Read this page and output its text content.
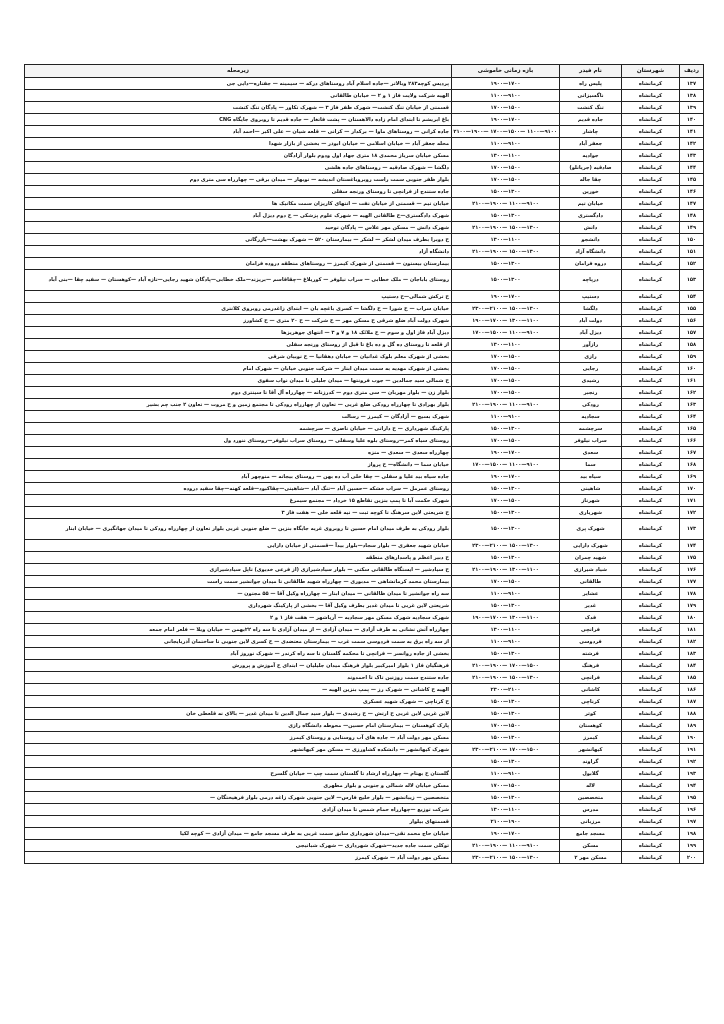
ردیف	شهرستان	نام فیدر	بازه زمانی خاموشی	زیرمحله
۱۳۷	کرمانشاه	پلیس راه	۱۷۰۰—۱۹۰۰	پردیس کوچه۲۸۳ وبالاتر —جاده اسلام آباد روستاهای درکه — سیمینه — جفتاره—دایی جی
۱۳۸	کرمانشاه	ناگسیزانی	۹۱۰۰—۱۱۰۰	الهیه شرکت ولایت فاز ۱ و ۲ — خیابان طالقانی
۱۳۹	کرمانشاه	تنگ کنشت	۱۵۰۰—۱۷۰۰	قسمتی از خیابان تنگ کنشت— شهرک ظفر فاز ۳ — شهرک تکاور — پادگان تنگ کنشت
۱۴۰	کرمانشاه	جاده قدیم	۱۷۰۰—۱۹۰۰	باغ ابریشم تا ابتدای امام زاده دالاهستان — پشت فاتغار — جاده قدیم تا روبروی جایگاه CNG
۱۴۱	کرمانشاه	چاشار	۹۱۰۰—۱۱۰۰ —۱۵۰۰—۱۷۰۰ —۱۹۰۰—۲۱۰۰	جاده کرانی — روستاهای ماوا — برکدار — کرانی — قلعه شیان — علی اکبر —احمد آباد
۱۴۲	کرمانشاه	جعفر آباد	۹۱۰۰—۱۱۰۰	محله جعفر آباد — خیابان اسلامی — خیابان ابوذر — بخشی از بازار شهدا
۱۴۳	کرمانشاه	جوادیه	۱۱۰۰—۱۳۰۰	مسکن خیابان سرباز محمدی ۱۸ متری جهاد اول ودوم بلوار آزادگان
۱۴۴	کرمانشاه	صادقیه (جریانلو)	۱۵۰۰—۱۷۰۰	دلگشا — شهرک صادقیه — روستاهای جاده هلشی
۱۴۵	کرمانشاه	چقا جاله	۱۵۰۰—۱۷۰۰	بلوار ظفر جنوبی سمت راست روبروباغستان اندیشه — نوبهار — میدان برقی — چهارراه سی متری دوم
۱۴۶	کرمانشاه	خورین	۱۳۰۰—۱۵۰۰	جاده ستندج از فرانچی تا روستای ورنجه سفلی
۱۴۷	کرمانشاه	خیابان تیم	۹۱۰۰—۱۱۰۰ —۱۹۰۰—۲۱۰۰	خیابان تیم — قسمتی از خیابان نفت — انتهای کاریزان سمت مکانیک ها
۱۴۸	کرمانشاه	دادگستری	۱۳۰۰—۱۵۰۰	شهرک دادگستری—خ طالقانی الهیه — شهرک علوم پزشکی — خ دوم دیزل آباد
۱۴۹	کرمانشاه	دانش	۱۳۰۰—۱۵۰۰ —۱۹۰۰—۲۱۰۰	شهرک دانش — مسکن مهر علاس — پادگان توحید
۱۵۰	کرمانشاه	دانشجو	۱۱۰۰—۱۳۰۰	خ دوبرا بطرف میدان لشکر — لشکر — بیمارستان ۵۲۰ — شهرک بهشت—بازرگانی
۱۵۱	کرمانشاه	دانشگاه آزاد	۱۳۰۰—۱۵۰۰ —۱۹۰۰—۲۱۰۰	دانشگاه آزاد
۱۵۲	کرمانشاه	دروه فرامان	۱۳۰۰—۱۵۰۰	بیمارستان بیستون — قسمتی از شهرک کیمرز — روستاهای منطقه دروده فرامان
۱۵۳	کرمانشاه	درپاچه	۱۳۰۰—۱۵۰۰	روستای باباجان — ملک خطابی — سراب نیلوفر — کوریلاغ —چقاقاسم —بریزند—ملک خطابی—پادگان شهید رجایی—تازه آباد —کوهستان — سفید چقا —بنی آباد
۱۵۴	کرمانشاه	دستیپ	۱۷۰۰—۱۹۰۰	خ ترکش شمالی—خ دستیپ
۱۵۵	کرمانشاه	دلگشا	۱۳۰۰—۱۵۰۰ —۲۱۰۰—۲۳۰۰	خیابان سراب — خ شورا — خ دلگشا — کسری باغچه بان — ابتدای زاغدرمی روبروی کلانتری
۱۵۶	کرمانشاه	دولت آباد	۱۱۰۰—۱۳۰۰ —۱۷۰۰—۱۹۰۰	شهرک دولت آباد ضلع شرقی خ مسکن مهر — خ شرکت — خ ۲۰ متری — خ کشاورز
۱۵۷	کرمانشاه	دیزل آباد	۹۱۰۰—۱۱۰۰ —۱۵۰۰—۱۷۰۰	دیزل آباد فاز اول و سوم — خ ملائک ۱۸ و ۷ و ۳ — انتهای جوهریزها
۱۵۸	کرمانشاه	رازآور	۱۱۰۰—۱۳۰۰	از قلعه تا روستای ده گل و ده باغ تا قبل از روستای ورنجه سفلی
۱۵۹	کرمانشاه	رازی	۱۵۰۰—۱۷۰۰	بخشی از شهرک معلم بلوک غدانیان — خیابان دهقانیا — خ نوبیان شرقی
۱۶۰	کرمانشاه	رجایی	۱۵۰۰—۱۷۰۰	بخشی از شهرک مهدیه به سمت میدان ابنار — شرکت جنوبی خیابان — شهرک امام
۱۶۱	کرمانشاه	رشیدی	۱۵۰۰—۱۷۰۰	خ شمالی سید جمالدین — جوب فرونتها — میدان جلیلی تا میدان نواب سفوی
۱۶۲	کرمانشاه	رنجبر	۱۵۰۰—۱۷۰۰	بلوار زن — بلوار مهربان — سی متری دوم — کدرزنانه — چهارراه آل آقا تا سینتری دوم
۱۶۳	کرمانشاه	رودکی	۹۱۰۰—۱۱۰۰ —۱۹۰۰—۲۱۰۰	بلوار بهرادی تا چهارراه رودکی ضلع غربی — تعاون از چهارراه رودکی تا مجتمع زمین و خ مروت — تعاون ۲ جنب چم بشیر
۱۶۴	کرمانشاه	سجادیه	۹۱۰۰—۱۱۰۰	شهرک بسیج — آزادگان — کیمرز — رسالت
۱۶۵	کرمانشاه	سرچشمه	۱۳۰۰—۱۵۰۰	پارکینگ شهرداری — خ داراتی — خیابان ناصری — سرچشمه
۱۶۶	کرمانشاه	سراب نیلوفر	۱۵۰۰—۱۷۰۰	روستای سیاه کمر—روستای بلوه علیا وسفلی — روستای سراب نیلوفر—روستای ننورد ول
۱۶۷	کرمانشاه	سعدی	۱۷۰۰—۱۹۰۰	چهارراه سعدی — سعدی — منزه
۱۶۸	کرمانشاه	سما	۹۱۰۰—۱۱۰۰ —۱۵۰۰—۱۷۰۰	خیابان سما — دانشگاه— خ پرواز
۱۶۹	کرمانشاه	سیاه بید	۱۷۰۰—۱۹۰۰	جاده سیاه بید علیا و سفلی — چقا خلی آب ده بهن — روستای بیجانه — منوچهر آباد
۱۷۰	کرمانشاه	شاهینی	۱۳۰۰—۱۵۰۰	روستای عمرمل — سراب خشکه —حسین آباد —تنگ آباد —شاهینی—چقاکبود—قلعه کهنه—چقا سفید دروده
۱۷۱	کرمانشاه	شهرناز	۱۵۰۰—۱۷۰۰	شهرک حکمت آبا تا پمپ بنزین تقاطع ۱۵ خرداد — مجتمع سیمرغ
۱۷۲	کرمانشاه	شهریاری	۱۳۰۰—۱۵۰۰	خ شریعتی لاین سرهنگ تا کوچه ثبت — نیه قلعه خلی — هفت فاز ۳
۱۷۳	کرمانشاه	شهرک پری	۱۳۰۰—۱۵۰۰	بلوار رودکی به طرف میدان امام حسین تا روبروی غربه جایگاه بنزین — ضلع جنوبی غربی بلوار تعاون از چهارراه رودکی تا میدان جهانگیری — خیابان ابنار
۱۷۴	کرمانشاه	شهرک دارایی	۱۳۰۰—۱۵۰۰ —۲۱۰۰—۲۳۰۰	خیابان شهید جعفری — بلوار سجاد—بلوار بیدآ —قسمتی از خیابان دارایی
۱۷۵	کرمانشاه	شهید چمران	۱۳۰۰—۱۵۰۰	خ دبیر اعظم و پاسدارهای منطقه
۱۷۶	کرمانشاه	شیاد شیرازی	۱۱۰۰—۱۳۰۰ —۱۹۰۰—۲۱۰۰	خ سیادشیر — ایستگاه طالقانی سکنی — بلوار سیادشیرازی (از فرعی خدیوی) تاپل سیادشیرازی
۱۷۷	کرمانشاه	طالقانی	۱۵۰۰—۱۷۰۰	بیمارستان محمد کرمانشاهی — مدبوری — چهارراه شهید طالقانی تا میدان جوانشیر سمت راست
۱۷۸	کرمانشاه	عشایر	۹۱۰۰—۱۱۰۰	سه راه جوانشیر تا میدان ظالقانی — میدان ابنار — چهارراه وکیل آقا — ۵۵ مجتون —
۱۷۹	کرمانشاه	غدیر	۱۳۰۰—۱۵۰۰	شریعتی لاین غربی تا میدان غدیر بطرف وکیل آقا — بخشی از پارکینگ شهرداری
۱۸۰	کرمانشاه	فدک	۱۱۰۰—۱۳۰۰ —۱۷۰۰—۱۹۰۰	شهرک سجادیه شهرک مسکن مهر سجادیه — آریاشهر — هفت فاز ۱ و ۲
۱۸۱	کرمانشاه	فرانچی	۱۱۰۰—۱۳۰۰	چهارراه آتش نشانی به طرف آزادی — میدان آزادی — از میدان آزادی تا سه راه ۲۲بهمن — خیابان ویلا — فلعر امام جمعه
۱۸۲	کرمانشاه	فردوسی	۹۱۰۰—۱۱۰۰	از سه راه برق به سمت فردوسی سمت غرب — بیمارستان معتضدی — خ کسری لاین جنوبی تا ساختمان آذربایجانی
۱۸۳	کرمانشاه	فرشته	۱۳۰۰—۱۵۰۰	بخشی از جاده روانسر — فرانچی تا محکمه گلستان تا سه راه کرندر — شهرک نوروز آباد
۱۸۴	کرمانشاه	فرهنگ	۱۵۰۰—۱۷۰۰ —۱۹۰۰—۲۱۰۰	فرهنگیان فاز ۱ بلوار امیرکبیر بلوار فرهنگ میدان جلیلیان — ابتدای خ آموزش و پرورش
۱۸۵	کرمانشاه	فرانچی	۱۳۰۰—۱۵۰۰ —۱۹۰۰—۲۱۰۰	جاده ستندج سمت روزنین تاک تا احمدوند
۱۸۶	کرمانشاه	کاشانی	۲۱۰۰—۲۳۰۰	الهیه خ کاشانی — شهرک رز — پمپ بنزین الهیه —
۱۸۷	کرمانشاه	کرناچی	۱۳۰۰—۱۵۰۰	خ کرناچی — شهرک شهید عسکری
۱۸۸	کرمانشاه	کوثر	۱۳۰۰—۱۵۰۰	لاین غربی لاین غربی خ ارتش — خ رشیدی — بلوار سید جمال الدین تا میدان غدیر — بالای نه قلعطی خان
۱۸۹	کرمانشاه	کوهستان	۱۵۰۰—۱۷۰۰	پارک کوهستان — بیمارستان امام حسین— محوطه دانشگاه رازی
۱۹۰	کرمانشاه	کیمرز	۱۳۰۰—۱۵۰۰	مسکن مهر دولت آباد — جاده های آب روستایی و روستای کیمرز
۱۹۱	کرمانشاه	کیهانشهر	۱۵۰۰—۱۷۰۰ —۲۱۰۰—۲۳۰۰	شهرک کیهانشهر — دانشکده کشاورزی — مسکن مهر کیهانشهر
۱۹۲	کرمانشاه	گراوند	۱۳۰۰—۱۵۰۰	
۱۹۳	کرمانشاه	گلابول	۹۱۰۰—۱۱۰۰	گلستان خ بهنام — چهارراه ارشاد تا گلستان سمت چپ — خیابان گلسرخ
۱۹۴	کرمانشاه	لاله	۱۵۰۰—۱۷۰۰	مسکن خیابان لاله شمالی و جنوبی و بلوار مطهری
۱۹۵	کرمانشاه	متخصصین	۱۳۰۰—۱۵۰۰	متخصصین — زیبانشهر — بلوار خلیج فارس— لاین جنوبی شهرک زاغه درمی بلوار فرهیختگان —
۱۹۶	کرمانشاه	مدرس	۱۱۰۰—۱۳۰۰	شرکت توزیع —چهارراه حمام شمس تا میدان آزادی
۱۹۷	کرمانشاه	مرزبانی	۱۹۰۰—۲۱۰۰	قسمتهای بیلوار
۱۹۸	کرمانشاه	مسجد جامع	۱۷۰۰—۱۹۰۰	خیابان حاج محمد تقی—میدان شهرداری سابق سمت غربی به طرف مسجد جامع — میدان آزادی — کوچه لکیا
۱۹۹	کرمانشاه	مسکن	۹۱۰۰—۱۱۰۰ —۱۹۰۰—۲۱۰۰	توکلی سمت جاده جدید—شهرک شهرداری — شهرک شبانیجی
۲۰۰	کرمانشاه	مسکن مهر ۲	۱۳۰۰—۱۵۰۰ —۲۱۰۰—۲۳۰۰	مسکن مهر دولت آباد — شهرک کیمرز
